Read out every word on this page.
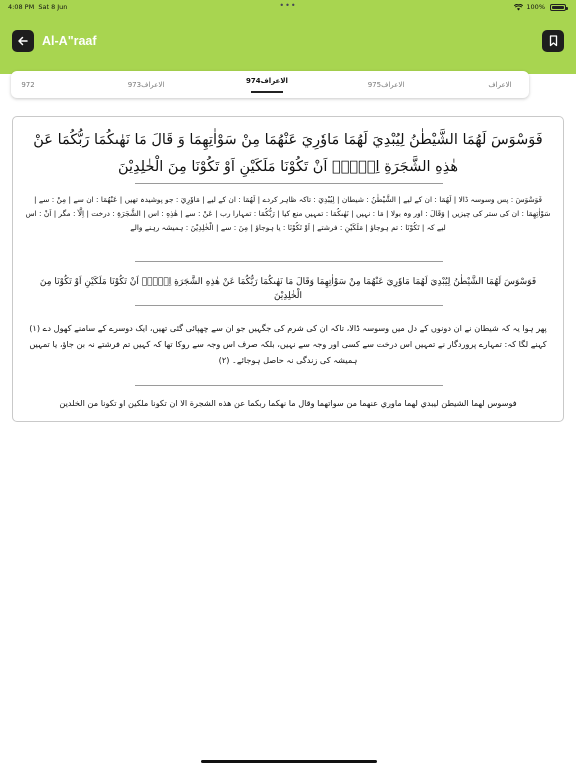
4:08 PM Sat 8 Jun	•••	100%
Al-A"raaf
972	973الاعراف	974الاعراف	975الاعراف	الاعراف
فَوَسْوَسَ لَهُمَا الشَّيْطٰنُ لِيُبْدِيَ لَهُمَا مَاوٗرِيَ عَنْهُمَا مِنْ سَوْاٰتِهِمَا وَ قَالَ مَا نَهٰىكُمَا رَبُّكُمَا عَنْ هٰذِهِ الشَّجَرَةِ اِلَّاۤ اَنْ تَكُوْنَا مَلَكَيْنِ اَوْ تَكُوْنَا مِنَ الْخٰلِدِيْنَ
فَوَسْوَسَ : پس وسوسہ ڈالا | لَهُمَا : ان کے لیے | الشَّيْطٰنُ : شیطان | لِيُبْدِيَ : تاکہ ظاہر کردے | لَهُمَا : ان کے لیے | مَاوٗرِيَ : جو پوشیدہ تھیں | عَنْهُمَا : ان سے | مِنْ : سے | سَوْاٰتِهِمَا : ان کی ستر کی چیزیں | وَقَالَ : اور وہ بولا | مَا : نہیں | نَهٰىكُمَا : تمہیں منع کیا | رَبُّكُمَا : تمہارا رب | عَنْ : سے | هٰذِهِ : اس | الشَّجَرَةِ : درخت | اِلَّآ : مگر | اَنْ : اس لیے کہ | تَكُوْنَا : تم ہوجاؤ | مَلَكَيْنِ : فرشتے | اَوْ تَكُوْنَا : یا ہوجاؤ | مِنَ : سے | الْخٰلِدِيْنَ : ہمیشہ رہنے والے
فَوَسْوَسَ لَهُمَا الشَّيْطٰنُ لِيُبْدِيَ لَهُمَا مَاوٗرِيَ عَنْهُمَا مِنْ سَوْاٰتِهِمَا وَقَالَ مَا نَهٰىكُمَا رَبُّكُمَا عَنْ هٰذِهِ الشَّجَرَةِ اِلَّاۤ اَنْ تَكُوْنَا مَلَكَيْنِ اَوْ تَكُوْنَا مِنَ الْخٰلِدِيْنَ
پھر ہوا یہ کہ شیطان نے ان دونوں کے دل میں وسوسہ ڈالا، تاکہ ان کی شرم کی جگہیں جو ان سے چھپائی گئی تھیں، ایک دوسرے کے سامنے کھول دے (۱) کہنے لگا کہ: تمہارے پروردگار نے تمہیں اس درخت سے کسی اور وجہ سے نہیں، بلکہ صرف اس وجہ سے روکا تھا کہ کہیں تم فرشتے نہ بن جاؤ، یا تمہیں ہمیشہ کی زندگی نہ حاصل ہوجائے۔ (۲)
فوسوس لهما الشيطن ليبدي لهما ماوري عنهما من سواتهما وقال ما نهكما ربكما عن هذه الشجرة الا ان تكونا ملكين او تكونا من الخلدين
